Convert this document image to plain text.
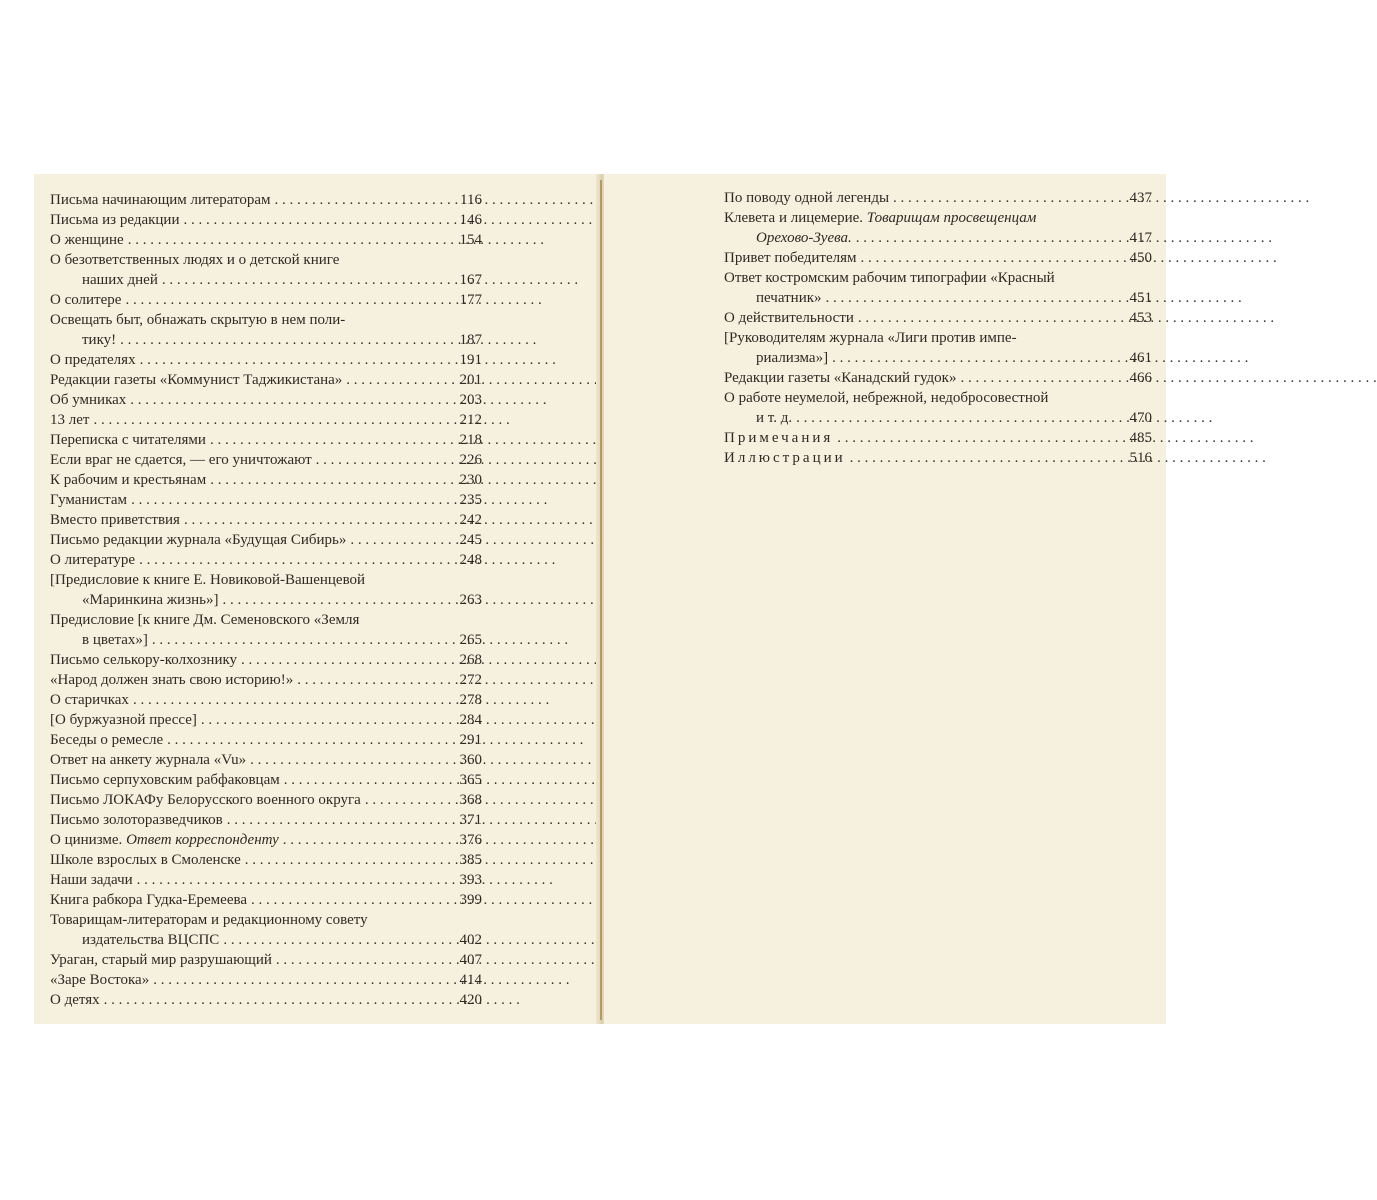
Письма начинающим литераторам . . .	116
Письма из редакции . . .	146
О женщине . . .	154
О безответственных людях и о детской книге
наших дней . . .	167
О солитере . . .	177
Освещать быт, обнажать скрытую в нем поли-
тику! . . .	187
О предателях . . .	191
Редакции газеты «Коммунист Таджикистана» . . .	201
Об умниках . . .	203
13 лет . . .	212
Переписка с читателями . . .	218
Если враг не сдается, — его уничтожают . . .	226
К рабочим и крестьянам . . .	230
Гуманистам . . .	235
Вместо приветствия . . .	242
Письмо редакции журнала «Будущая Сибирь» . . .	245
О литературе . . .	248
[Предисловие к книге Е. Новиковой-Вашенцевой
«Маринкина жизнь»] . . .	263
Предисловие [к книге Дм. Семеновского «Земля
в цветах»] . . .	265
Письмо селькору-колхознику . . .	268
«Народ должен знать свою историю!» . . .	272
О старичках . . .	278
[О буржуазной прессе] . . .	284
Беседы о ремесле . . .	291
Ответ на анкету журнала «Vu» . . .	360
Письмо серпуховским рабфаковцам . . .	365
Письмо ЛОКАФу Белорусского военного округа . . .	368
Письмо золоторазведчиков . . .	371
О цинизме. Ответ корреспонденту . . .	376
Школе взрослых в Смоленске . . .	385
Наши задачи . . .	393
Книга рабкора Гудка-Еремеева . . .	399
Товарищам-литераторам и редакционному совету
издательства ВЦСПС . . .	402
Ураган, старый мир разрушающий . . .	407
«Заре Востока» . . .	414
О детях . . .	420
По поводу одной легенды . . .	437
Клевета и лицемерие. Товарищам просвещенцам
Орехово-Зуева. . . .	417
Привет победителям . . .	450
Ответ костромским рабочим типографии «Красный
печатник» . . .	451
О действительности . . .	453
[Руководителям журнала «Лиги против импе-
риализма»] . . .	461
Редакции газеты «Канадский гудок» . . .	466
О работе неумелой, небрежной, недобросовестной
и т. д. . . .	470
Примечания . . .	485
Иллюстрации . . .	516
